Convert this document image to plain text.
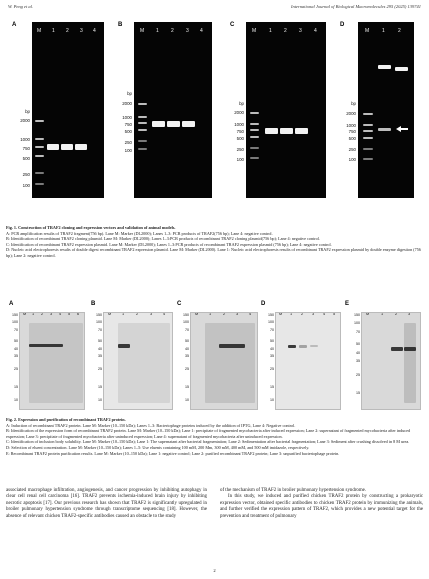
W. Peng et al.	International Journal of Biological Macromolecules 295 (2025) 139741
A
bp
2000
1000
750
500
250
100
M 1 2 3 4
B
bp
2000
1000
750
500
250
100
M 1 2 3 4
C
bp
2000
1000
750
500
250
100
M	1 2 3 4
D
bp
2000
1000
750
500
250
100
M	1	2

Fig. 1. Construction of TRAF2 cloning and expression vectors and validation of animal models.

A: PCR amplification results of TRAF2 fragment(756 bp). Lane M: Marker (DL2000); Lanes 1–3: PCR products of TRAF2(756 bp); Lane 4: negative control.

B: Identification of recombinant TRAF2 cloning plasmid. Lane M: Marker (DL2000); Lanes 1–3:PCR products of recombinant TRAF2 cloning plasmid(756 bp); Lane 4: negative control.

C: Identification of recombinant TRAF2 expression plasmid. Lane M: Marker (DL2000); Lanes 1–3:PCR products of recombinant TRAF2 expression plasmid (756 bp); Lane 4: negative control.

D: Nucleic acid electrophoresis results of double digest recombinant TRAF2 expression plasmid. Lane M: Marker (DL2000). Lane 1: Nucleic acid electrophoresis results of recombinant TRAF2 expression plasmid by double enzyme digestion (756 bp); Lane 2: negative control.

A
150
100
70
50
40
35
25
15
10
M 1 2 3 4 5 6
B
150
100
70
50
40
35
25
15
10
M	1	2	3	4
C
150
100
70
50
40
35
25
15
10
M	1	2	3	4
D
150
100
70
50
40
35
25
15
10
M 1 2 3 4 5
E
150
100
70
50
40
35
25
15
M	1	2	3

Fig. 2. Expression and purification of recombinant TRAF2 protein.

A: Induction of recombinant TRAF2 protein. Lane M: Marker (10–150 kDa); Lanes 1–3: Bacteriophage proteins induced by the addition of IPTG, Lane 4: Negative control.

B: Identification of the expression form of recombinant TRAF2 protein. Lane M: Marker (10–150 kDa); Lane 1: precipitate of fragmented mycobacteria after induced expression; Lane 2: supernatant of fragmented mycobacteria after induced expression; Lane 3: precipitate of fragmented mycobacteria after uninduced expression; Lane 4: supernatant of fragmented mycobacteria after uninduced expression.

C: Identification of inclusion body solubility. Lane M: Marker (10–150 kDa); Lane 1: The supernatant after bacterial fragmentation; Lane 2: Sedimentation after bacterial fragmentation; Lane 3: Sediment after crushing dissolved in 8 M urea.

D: Selection of eluent concentration. Lane M: Marker (10–150 kDa); Lanes 1–5: Use eluents containing 100 mM, 200 Mm, 300 mM, 400 mM, and 500 mM imidazole, respectively.

E: Recombinant TRAF2 protein purification results. Lane M: Marker (10–150 kDa); Lane 1: negative control; Lane 2: purified recombinant TRAF2 protein; Lane 3: unpurified bacteriophage protein.

associated macrophage infiltration, angiogenesis, and cancer progression by inhibiting autophagy in clear cell renal cell carcinoma [16]. TRAF2 prevents ischemia-induced brain injury by inhibiting necrotic apoptosis [17]. Our previous research has shown that TRAF2 is significantly upregulated in broiler pulmonary hypertension syndrome through transcriptome sequencing [18]. However, the absence of relevant chicken TRAF2-specific antibodies caused an obstacle to the study

of the mechanism of TRAF2 in broiler pulmonary hypertension syndrome.

In this study, we induced and purified chicken TRAF2 protein by constructing a prokaryotic expression vector, obtained specific antibodies to chicken TRAF2 protein by immunizing the animals, and further verified the expression pattern of TRAF2, which provides a new potential target for the prevention and treatment of pulmonary

2
